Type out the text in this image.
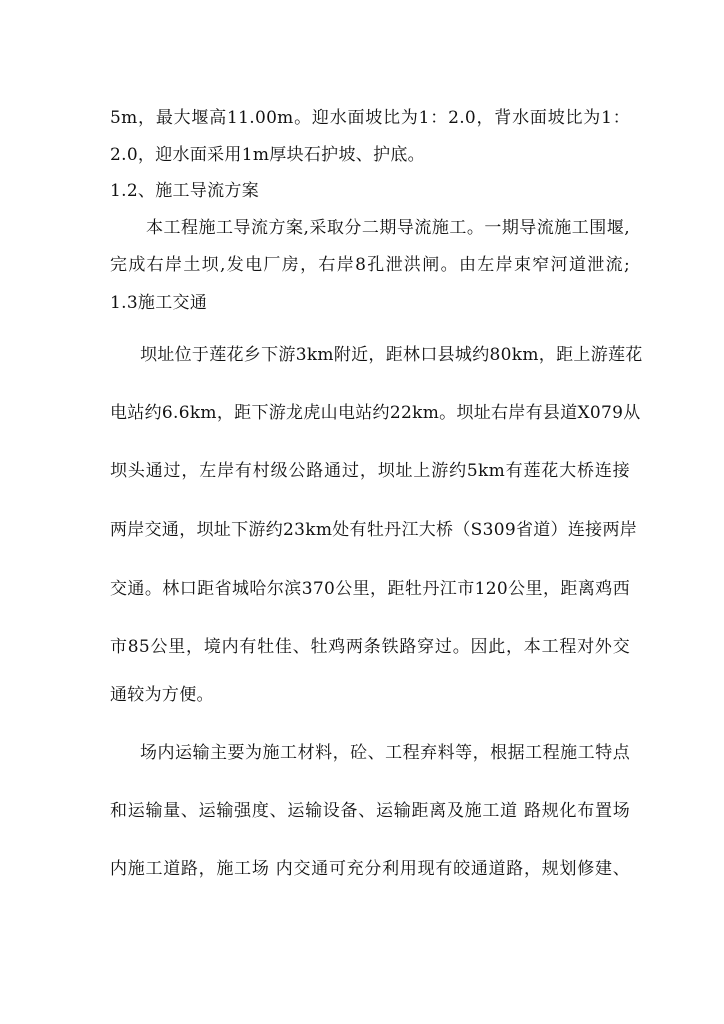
5m，最大堰高11.00m。迎水面坡比为1：2.0，背水面坡比为1：
2.0，迎水面采用1m厚块石护坡、护底。
1.2、施工导流方案
本工程施工导流方案,采取分二期导流施工。一期导流施工围堰,
完成右岸土坝,发电厂房，右岸8孔泄洪闸。由左岸束窄河道泄流;
1.3施工交通
坝址位于莲花乡下游3km附近，距林口县城约80km，距上游莲花
电站约6.6km，距下游龙虎山电站约22km。坝址右岸有县道X079从
坝头通过，左岸有村级公路通过，坝址上游约5km有莲花大桥连接
两岸交通，坝址下游约23km处有牡丹江大桥（S309省道）连接两岸
交通。林口距省城哈尔滨370公里，距牡丹江市120公里，距离鸡西
市85公里，境内有牡佳、牡鸡两条铁路穿过。因此，本工程对外交
通较为方便。
场内运输主要为施工材料，砼、工程弃料等，根据工程施工特点
和运输量、运输强度、运输设备、运输距离及施工道 路规化布置场
内施工道路，施工场 内交通可充分利用现有皎通道路，规划修建、
